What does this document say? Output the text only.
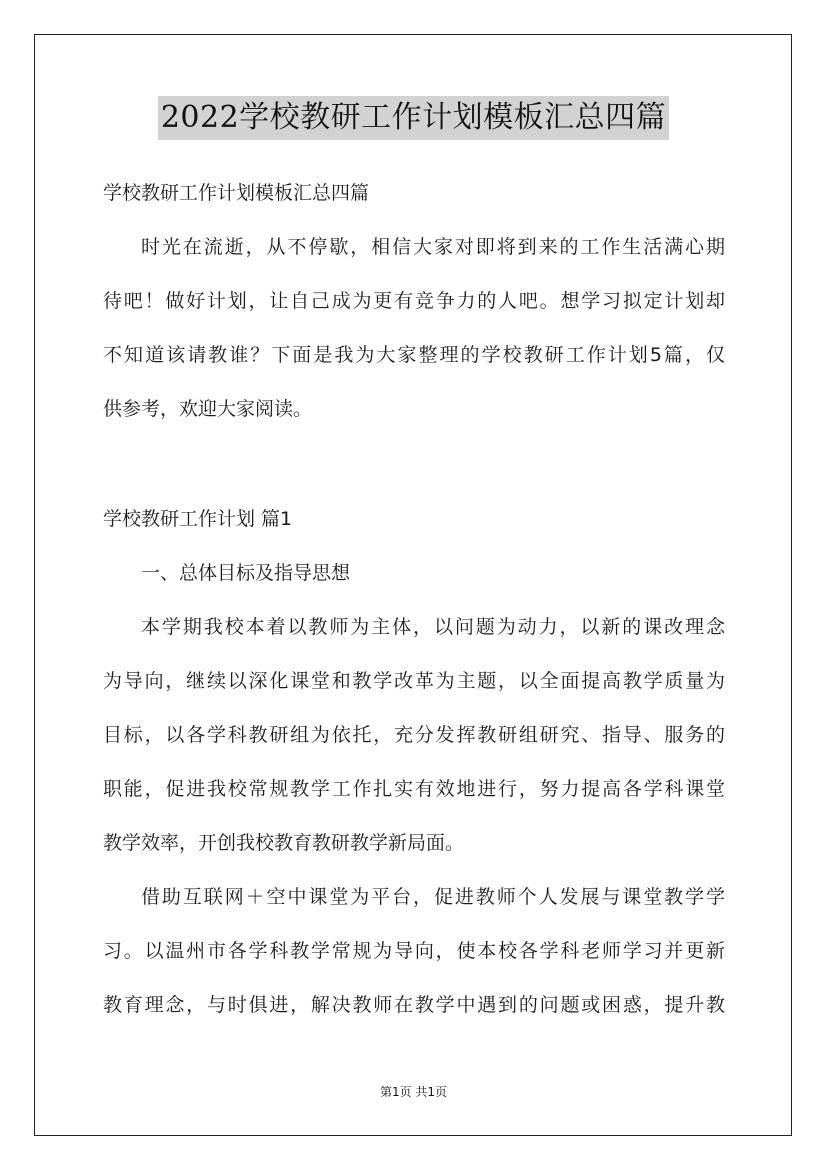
2022学校教研工作计划模板汇总四篇
学校教研工作计划模板汇总四篇
时光在流逝，从不停歇，相信大家对即将到来的工作生活满心期
待吧！做好计划，让自己成为更有竞争力的人吧。想学习拟定计划却
不知道该请教谁？下面是我为大家整理的学校教研工作计划5篇，仅
供参考，欢迎大家阅读。
学校教研工作计划 篇1
一、总体目标及指导思想
本学期我校本着以教师为主体，以问题为动力，以新的课改理念
为导向，继续以深化课堂和教学改革为主题，以全面提高教学质量为
目标，以各学科教研组为依托，充分发挥教研组研究、指导、服务的
职能，促进我校常规教学工作扎实有效地进行，努力提高各学科课堂
教学效率，开创我校教育教研教学新局面。
借助互联网＋空中课堂为平台，促进教师个人发展与课堂教学学
习。以温州市各学科教学常规为导向，使本校各学科老师学习并更新
教育理念，与时俱进，解决教师在教学中遇到的问题或困惑，提升教
第1页 共1页
